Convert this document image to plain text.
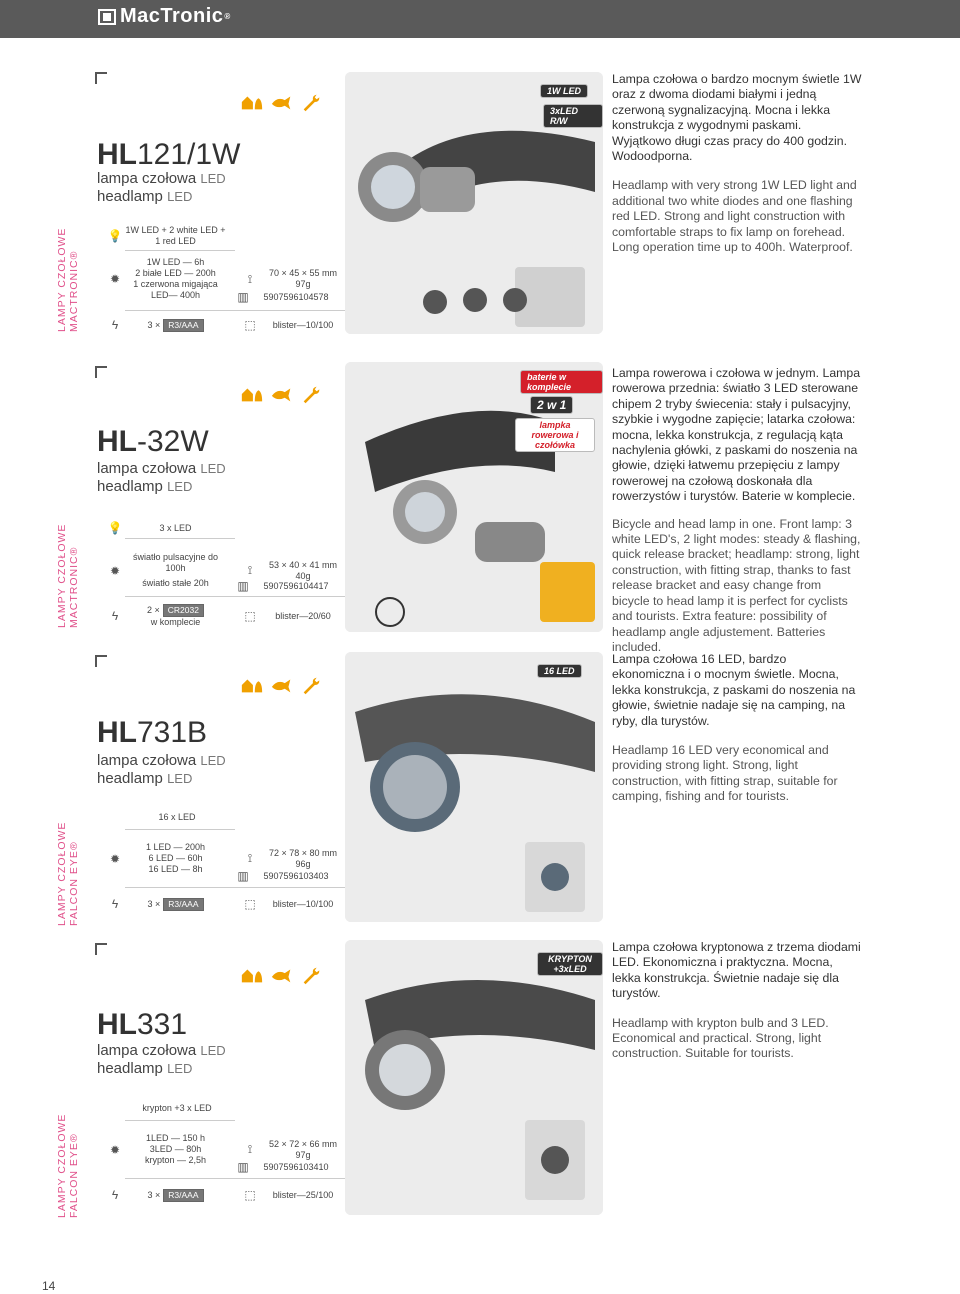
MacTronic ®
HL121/1W
lampa czołowa LED
headlamp LED
LAMPY CZOŁOWE
MACTRONIC®
💡 1W LED + 2 white LED + 1 red LED
✹
1W LED — 6h
2 białe LED — 200h
1 czerwona migająca
LED— 400h
⟟	70 × 45 × 55 mm
97g
▥	5907596104578
ϟ	3 × R3/AAA	⬚	blister—10/100
1W LED
3xLED R/W

Lampa czołowa o bardzo mocnym świetle 1W oraz z dwoma diodami białymi i jedną czerwoną sygnalizacyjną. Mocna i lekka konstrukcja z wygodnymi paskami. Wyjątkowo długi czas pracy do 400 godzin. Wodoodporna.

Headlamp with very strong 1W LED light and additional two white diodes and one flashing red LED. Strong and light construction with comfortable straps to fix lamp on forehead. Long operation time up to 400h. Waterproof.

HL-32W
lampa czołowa LED
headlamp LED
LAMPY CZOŁOWE
MACTRONIC®
💡	3 x LED
✹
światło pulsacyjne do 100h
światło stałe 20h
⟟	53 × 40 × 41 mm
40g
▥	5907596104417
ϟ	2 × CR2032
w komplecie	⬚	blister—20/60
baterie w komplecie
2 w 1
lampka rowerowa i czołówka

Lampa rowerowa i czołowa w jednym. Lampa rowerowa przednia: światło 3 LED sterowane chipem 2 tryby świecenia: stały i pulsacyjny, szybkie i wygodne zapięcie; latarka czołowa: mocna, lekka konstrukcja, z regulacją kąta nachylenia główki, z paskami do noszenia na głowie, dzięki łatwemu przepięciu z lampy rowerowej na czołową doskonała dla rowerzystów i turystów. Baterie w komplecie.

Bicycle and head lamp in one. Front lamp: 3 white LED's, 2 light modes: steady & flashing, quick release bracket; headlamp: strong, light construction, with fitting strap, thanks to fast release bracket and easy change from bicycle to head lamp it is perfect for cyclists and tourists. Extra feature: possibility of headlamp angle adjustement. Batteries included.

HL731B
lampa czołowa LED
headlamp LED
LAMPY CZOŁOWE
FALCON EYE®
16 x LED
✹
1 LED — 200h
6 LED — 60h
16 LED — 8h
⟟	72 × 78 × 80 mm
96g
▥	5907596103403
ϟ	3 × R3/AAA	⬚	blister—10/100
16 LED

Lampa czołowa 16 LED, bardzo ekonomiczna i o mocnym świetle. Mocna, lekka konstrukcja, z paskami do noszenia na głowie, świetnie nadaje się na camping, na ryby, dla turystów.

Headlamp 16 LED very economical and providing strong light. Strong, light construction, with fitting strap, suitable for camping, fishing and for tourists.

HL331
lampa czołowa LED
headlamp LED
LAMPY CZOŁOWE
FALCON EYE®
krypton +3 x LED
✹
1LED — 150 h
3LED — 80h
krypton — 2,5h
⟟	52 × 72 × 66 mm
97g
▥	5907596103410
ϟ	3 × R3/AAA	⬚	blister—25/100
KRYPTON +3xLED

Lampa czołowa kryptonowa z trzema diodami LED. Ekonomiczna i praktyczna. Mocna, lekka konstrukcja. Świetnie nadaje się dla turystów.

Headlamp with krypton bulb and 3 LED. Economical and practical. Strong, light construction. Suitable for tourists.

14
